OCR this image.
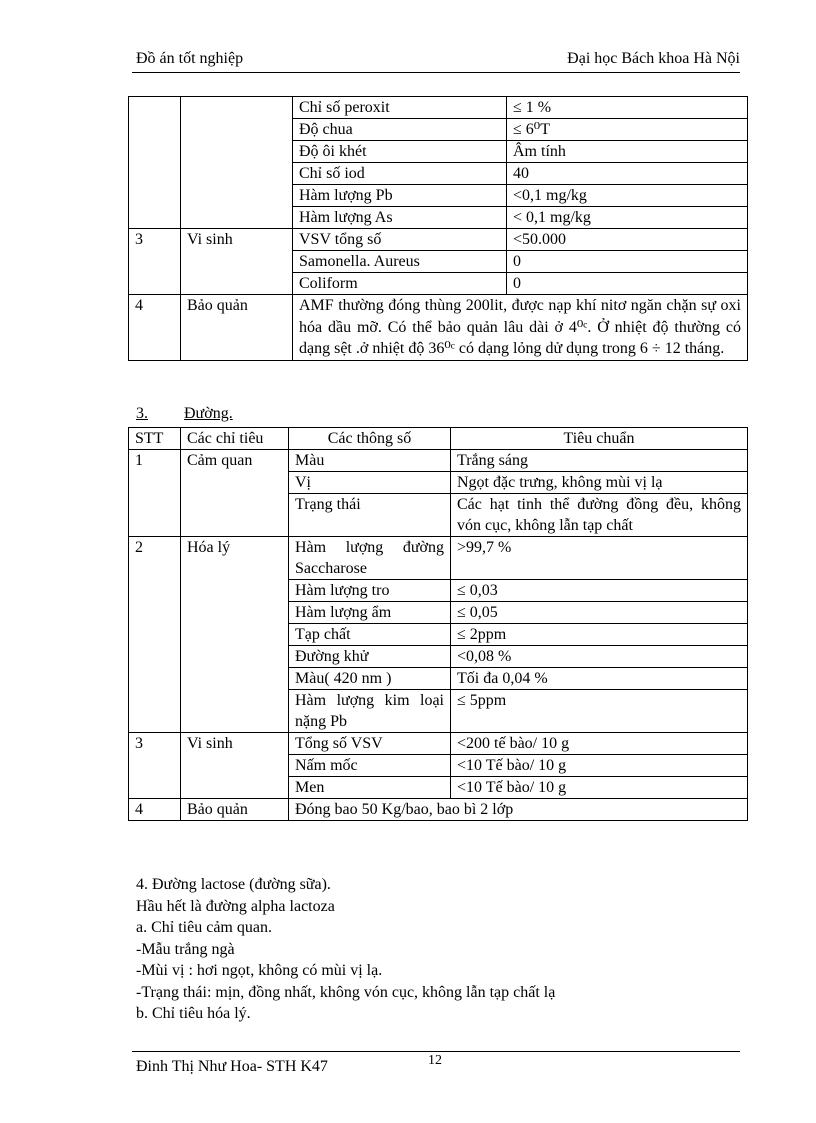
Đồ án tốt nghiệp	Đại học Bách khoa Hà Nội
		Chỉ số peroxit	≤ 1 %
		Độ chua	≤ 6⁰T
		Độ ôi khét	Âm tính
		Chỉ số iod	40
		Hàm lượng Pb	<0,1 mg/kg
		Hàm lượng As	< 0,1 mg/kg
3	Vi sinh	VSV tổng số	<50.000
		Samonella. Aureus	0
		Coliform	0
4	Bảo quản	AMF thường đóng thùng 200lit, được nạp khí nitơ ngăn chặn sự oxi hóa dầu mỡ. Có thể bảo quản lâu dài ở 4⁰ᶜ. Ở nhiệt độ thường có dạng sệt .ở nhiệt độ 36⁰ᶜ có dạng lỏng dử dụng trong 6 ÷ 12 tháng.	
3. Đường.
STT	Các chỉ tiêu	Các thông số	Tiêu chuẩn
1	Cảm quan	Màu	Trắng sáng
		Vị	Ngọt đặc trưng, không mùi vị lạ
		Trạng thái	Các hạt tinh thể đường đồng đều, không vón cục, không lẫn tạp chất
2	Hóa lý	Hàm lượng đường Saccharose	>99,7 %
		Hàm lượng tro	≤ 0,03
		Hàm lượng ẩm	≤ 0,05
		Tạp chất	≤ 2ppm
		Đường khử	<0,08 %
		Màu( 420 nm )	Tối đa 0,04 %
		Hàm lượng kim loại nặng Pb	≤ 5ppm
3	Vi sinh	Tổng số VSV	<200 tế bào/ 10 g
		Nấm mốc	<10 Tế bào/ 10 g
		Men	<10 Tế bào/ 10 g
4	Bảo quản	Đóng bao 50 Kg/bao, bao bì 2 lớp	
4. Đường lactose (đường sữa).
Hầu hết là đường alpha lactoza
a. Chỉ tiêu cảm quan.
-Mẫu trắng ngà
-Mùi vị : hơi ngọt, không có mùi vị lạ.
-Trạng thái: mịn, đồng nhất, không vón cục, không lẫn tạp chất lạ
b. Chỉ tiêu hóa lý.
Đinh Thị Như Hoa- STH K47	12
